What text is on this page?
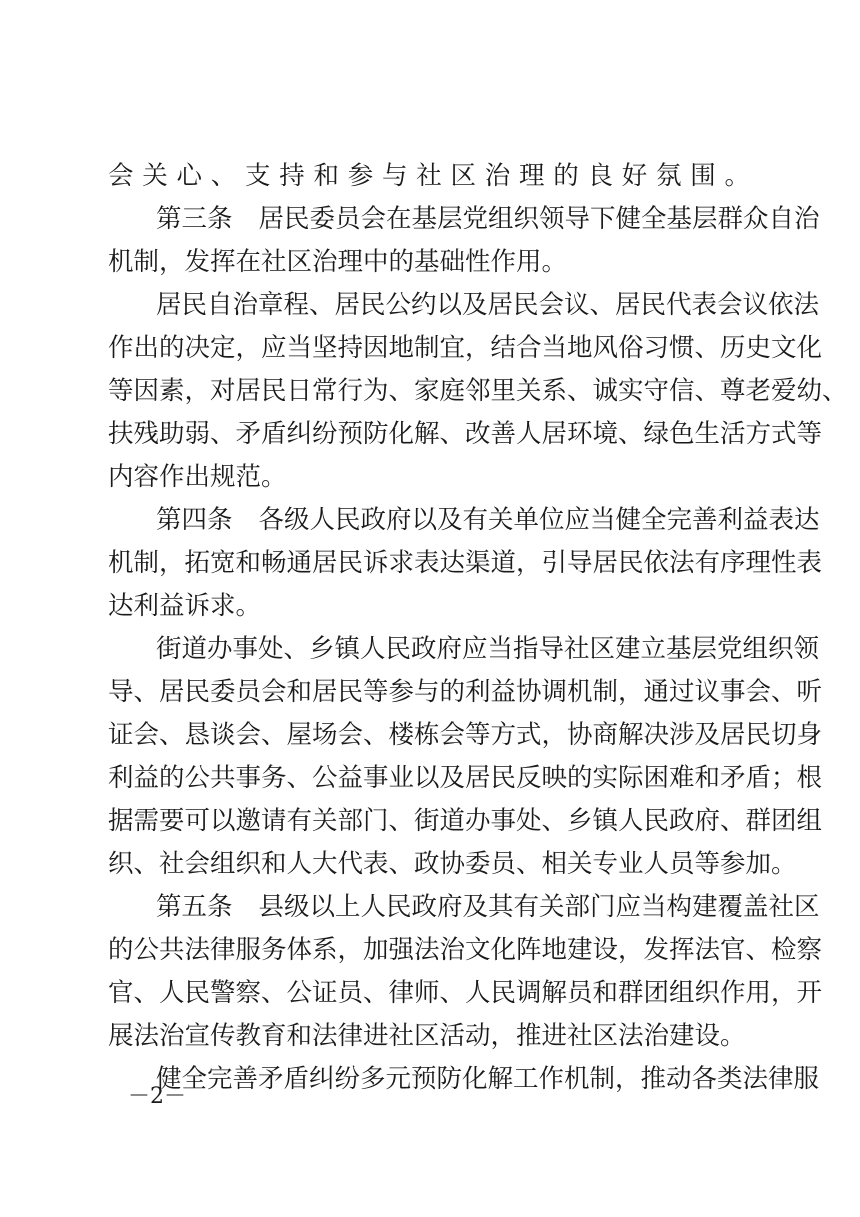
会关心、支持和参与社区治理的良好氛围。
第三条 居民委员会在基层党组织领导下健全基层群众自治
机制，发挥在社区治理中的基础性作用。
居民自治章程、居民公约以及居民会议、居民代表会议依法
作出的决定，应当坚持因地制宜，结合当地风俗习惯、历史文化
等因素，对居民日常行为、家庭邻里关系、诚实守信、尊老爱幼、
扶残助弱、矛盾纠纷预防化解、改善人居环境、绿色生活方式等
内容作出规范。
第四条 各级人民政府以及有关单位应当健全完善利益表达
机制，拓宽和畅通居民诉求表达渠道，引导居民依法有序理性表
达利益诉求。
街道办事处、乡镇人民政府应当指导社区建立基层党组织领
导、居民委员会和居民等参与的利益协调机制，通过议事会、听
证会、恳谈会、屋场会、楼栋会等方式，协商解决涉及居民切身
利益的公共事务、公益事业以及居民反映的实际困难和矛盾；根
据需要可以邀请有关部门、街道办事处、乡镇人民政府、群团组
织、社会组织和人大代表、政协委员、相关专业人员等参加。
第五条 县级以上人民政府及其有关部门应当构建覆盖社区
的公共法律服务体系，加强法治文化阵地建设，发挥法官、检察
官、人民警察、公证员、律师、人民调解员和群团组织作用，开
展法治宣传教育和法律进社区活动，推进社区法治建设。
健全完善矛盾纠纷多元预防化解工作机制，推动各类法律服
－2－
